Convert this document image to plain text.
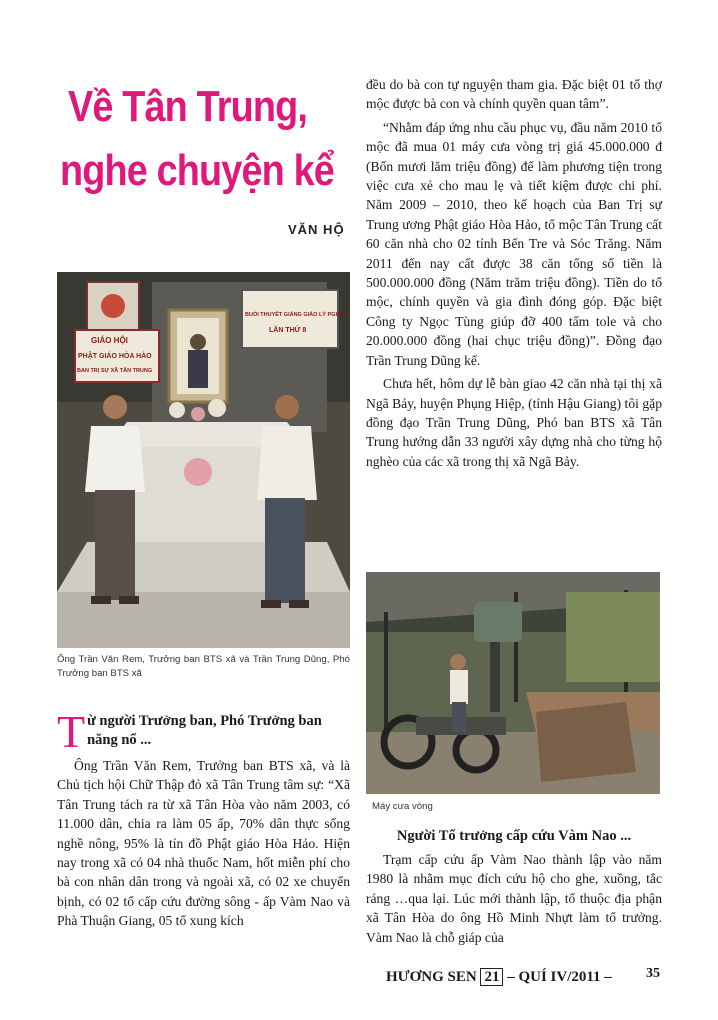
Về Tân Trung,
nghe chuyện kể
VĂN HỘ
GIÁO HỘI
PHẬT GIÁO HÒA HẢO
BAN TRỊ SỰ XÃ TÂN TRUNG
BUỔI THUYẾT GIẢNG GIÁO LÝ PGHH
LẦN THỨ 8
Ông Trần Văn Rem, Trưởng ban BTS xã và Trần Trung Dũng, Phó Trưởng ban BTS xã
T ừ người Trưởng ban, Phó Trưởng ban năng nổ ...

Ông Trần Văn Rem, Trưởng ban BTS xã, và là Chủ tịch hội Chữ Thập đỏ xã Tân Trung tâm sự: “Xã Tân Trung tách ra từ xã Tân Hòa vào năm 2003, có 11.000 dân, chia ra làm 05 ấp, 70% dân thực sống nghề nông, 95% là tín đồ Phật giáo Hòa Hảo. Hiện nay trong xã có 04 nhà thuốc Nam, hốt miễn phí cho bà con nhân dân trong và ngoài xã, có 02 xe chuyển bịnh, có 02 tổ cấp cứu đường sông - ấp Vàm Nao và Phà Thuận Giang, 05 tổ xung kích

đều do bà con tự nguyện tham gia. Đặc biệt 01 tổ thợ mộc được bà con và chính quyền quan tâm”.

“Nhằm đáp ứng nhu cầu phục vụ, đầu năm 2010 tổ mộc đã mua 01 máy cưa vòng trị giá 45.000.000 đ (Bốn mươi lăm triệu đồng) để làm phương tiện trong việc cưa xẻ cho mau lẹ và tiết kiệm được chi phí. Năm 2009 – 2010, theo kế hoạch của Ban Trị sự Trung ương Phật giáo Hòa Hảo, tổ mộc Tân Trung cất 60 căn nhà cho 02 tỉnh Bến Tre và Sóc Trăng. Năm 2011 đến nay cất được 38 căn tổng số tiền là 500.000.000 đồng (Năm trăm triệu đồng). Tiền do tổ mộc, chính quyền và gia đình đóng góp. Đặc biệt Công ty Ngọc Tùng giúp đỡ 400 tấm tole và cho 20.000.000 đồng (hai chục triệu đồng)”. Đồng đạo Trần Trung Dũng kể.

Chưa hết, hôm dự lễ bàn giao 42 căn nhà tại thị xã Ngã Bảy, huyện Phụng Hiệp, (tỉnh Hậu Giang) tôi gặp đồng đạo Trần Trung Dũng, Phó ban BTS xã Tân Trung hướng dẫn 33 người xây dựng nhà cho từng hộ nghèo của các xã trong thị xã Ngã Bảy.

Máy cưa vòng
Người Tổ trưởng cấp cứu Vàm Nao ...

Trạm cấp cứu ấp Vàm Nao thành lập vào năm 1980 là nhằm mục đích cứu hộ cho ghe, xuồng, tắc ráng …qua lại. Lúc mới thành lập, tổ thuộc địa phận xã Tân Hòa do ông Hồ Minh Nhựt làm tổ trưởng. Vàm Nao là chỗ giáp của

HƯƠNG SEN 21 – QUÍ IV/2011 – 35
